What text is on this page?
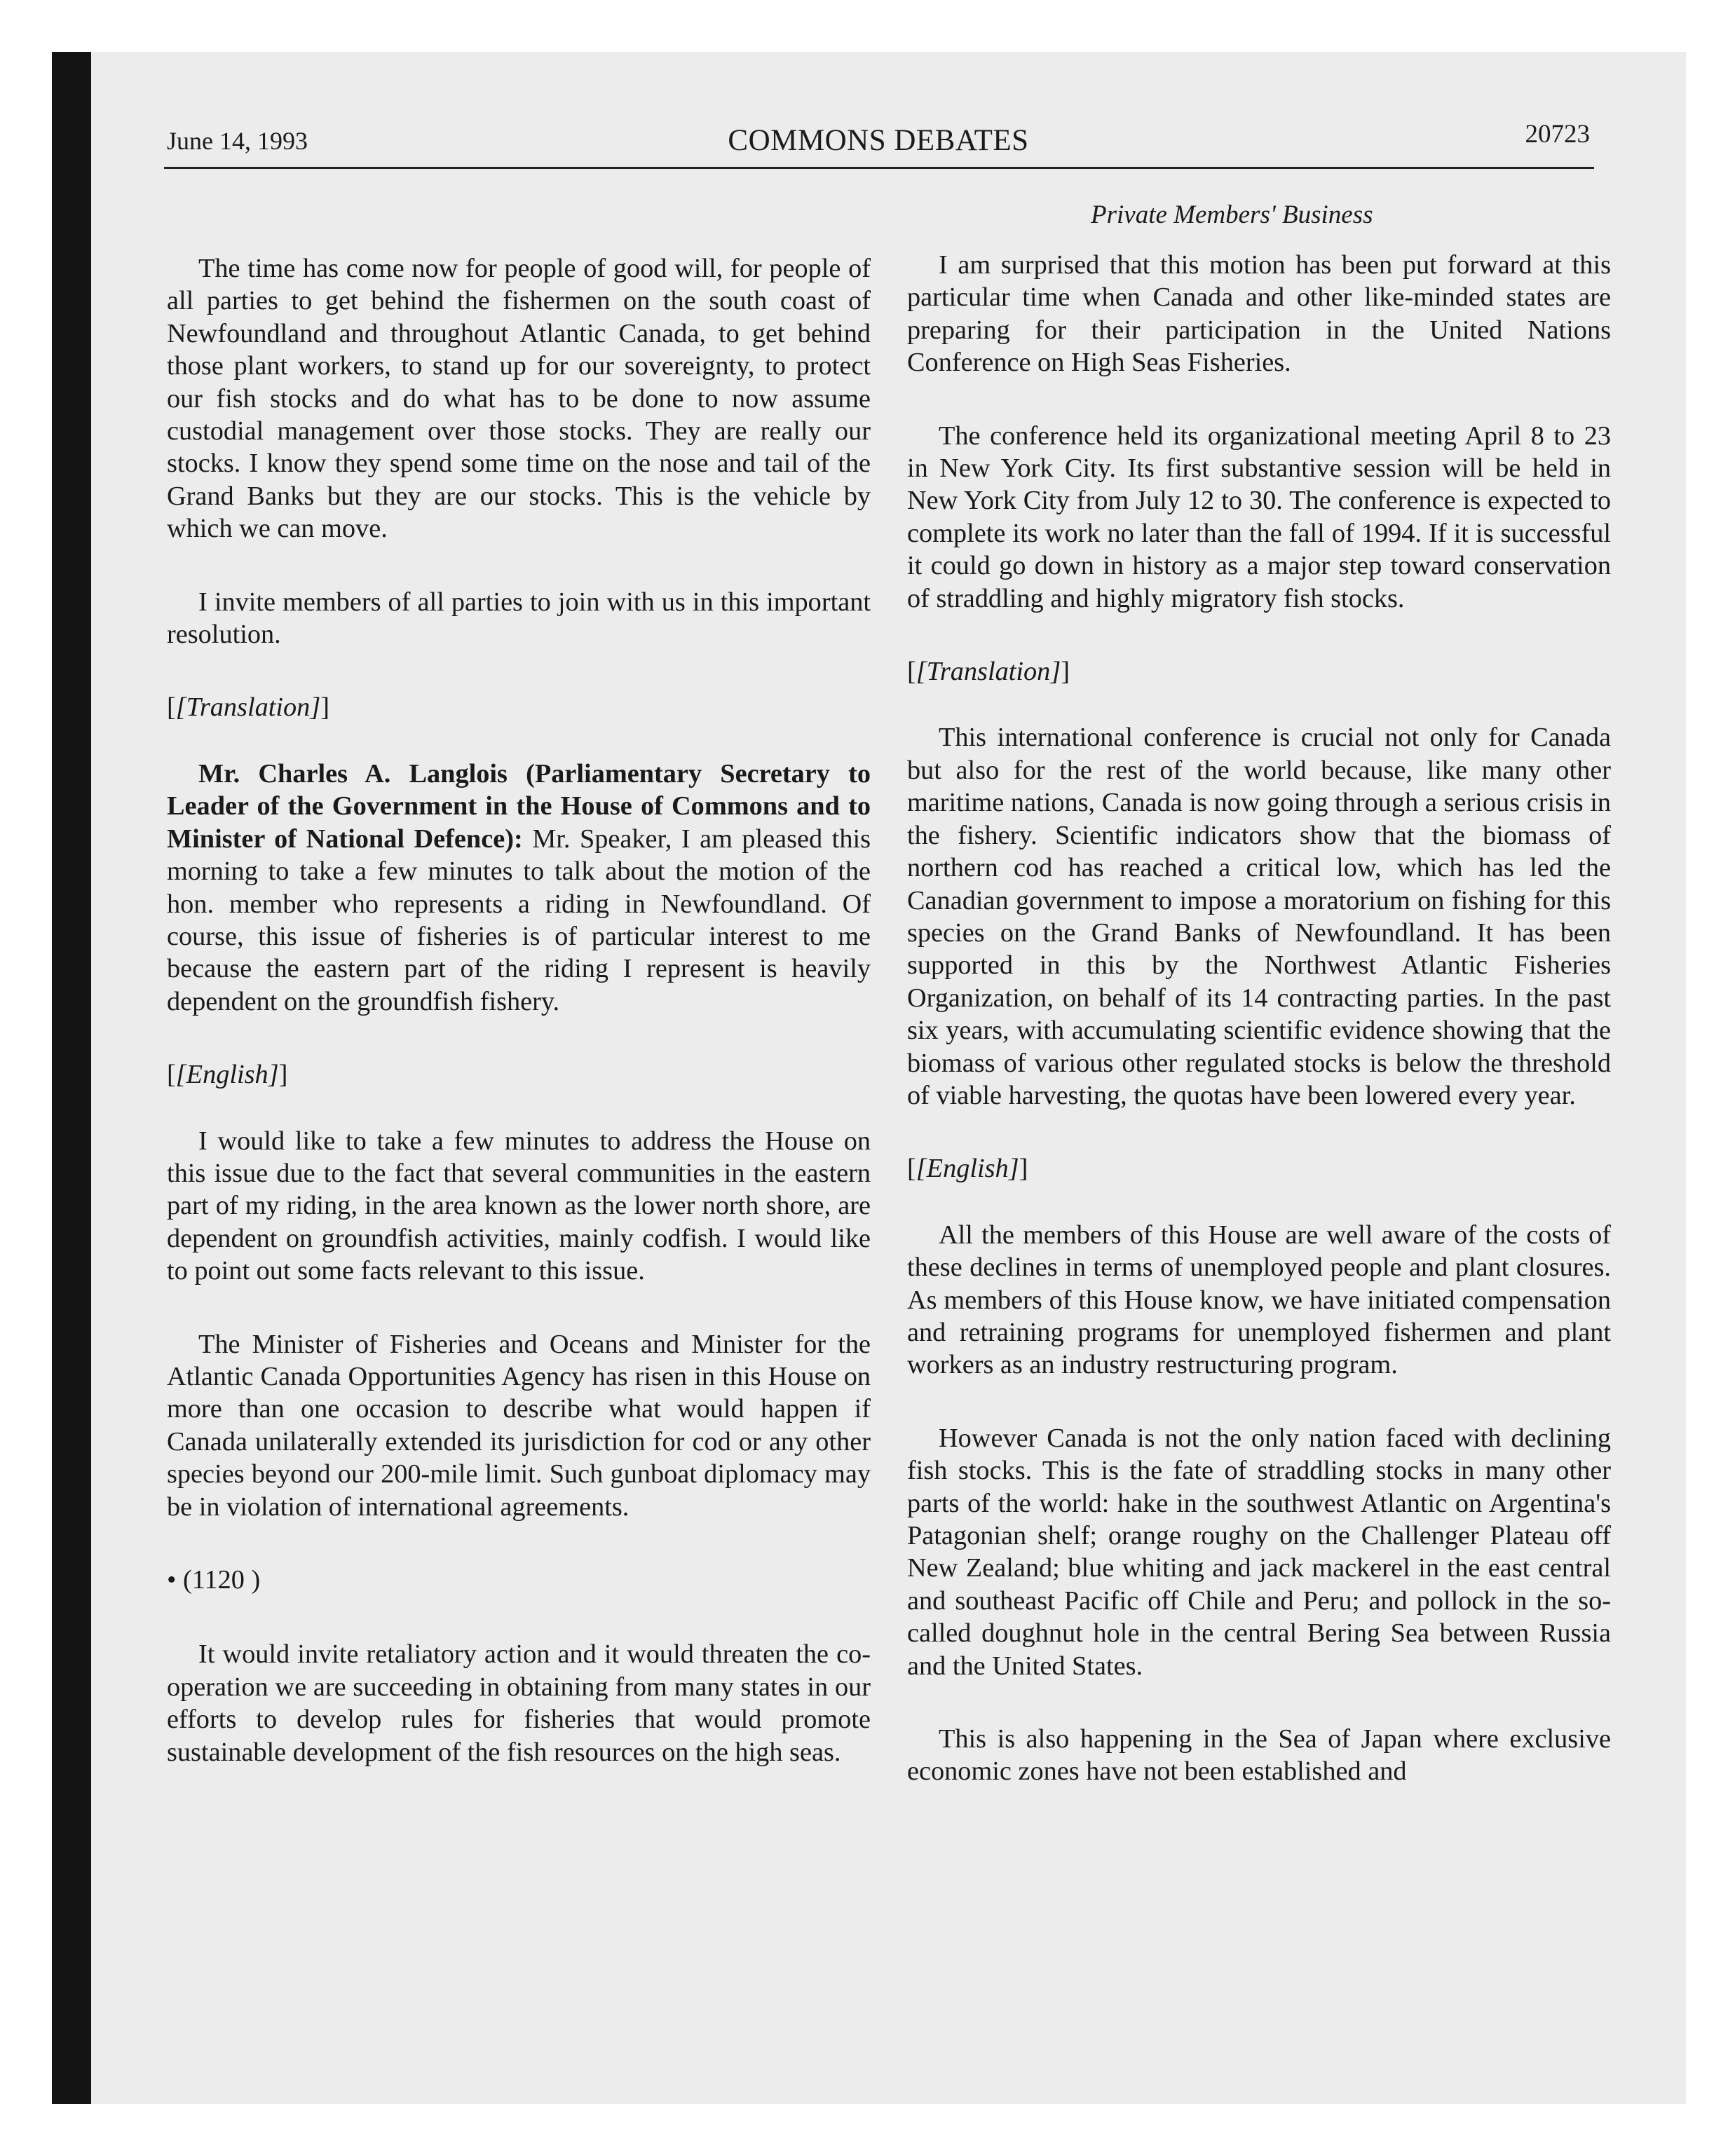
June 14, 1993	COMMONS DEBATES	20723
Private Members' Business

The time has come now for people of good will, for people of all parties to get behind the fishermen on the south coast of Newfoundland and throughout Atlantic Canada, to get behind those plant workers, to stand up for our sovereignty, to protect our fish stocks and do what has to be done to now assume custodial management over those stocks. They are really our stocks. I know they spend some time on the nose and tail of the Grand Banks but they are our stocks. This is the vehicle by which we can move.

I invite members of all parties to join with us in this important resolution.

[[Translation]]

Mr. Charles A. Langlois (Parliamentary Secretary to Leader of the Government in the House of Commons and to Minister of National Defence): Mr. Speaker, I am pleased this morning to take a few minutes to talk about the motion of the hon. member who represents a riding in Newfoundland. Of course, this issue of fisheries is of particular interest to me because the eastern part of the riding I represent is heavily dependent on the groundfish fishery.

[[English]]

I would like to take a few minutes to address the House on this issue due to the fact that several communities in the eastern part of my riding, in the area known as the lower north shore, are dependent on groundfish activities, mainly codfish. I would like to point out some facts relevant to this issue.

The Minister of Fisheries and Oceans and Minister for the Atlantic Canada Opportunities Agency has risen in this House on more than one occasion to describe what would happen if Canada unilaterally extended its jurisdiction for cod or any other species beyond our 200-mile limit. Such gunboat diplomacy may be in violation of international agreements.

• (1120 )

It would invite retaliatory action and it would threaten the co-operation we are succeeding in obtaining from many states in our efforts to develop rules for fisheries that would promote sustainable development of the fish resources on the high seas.

I am surprised that this motion has been put forward at this particular time when Canada and other like-minded states are preparing for their participation in the United Nations Conference on High Seas Fisheries.

The conference held its organizational meeting April 8 to 23 in New York City. Its first substantive session will be held in New York City from July 12 to 30. The conference is expected to complete its work no later than the fall of 1994. If it is successful it could go down in history as a major step toward conservation of straddling and highly migratory fish stocks.

[[Translation]]

This international conference is crucial not only for Canada but also for the rest of the world because, like many other maritime nations, Canada is now going through a serious crisis in the fishery. Scientific indicators show that the biomass of northern cod has reached a critical low, which has led the Canadian government to impose a moratorium on fishing for this species on the Grand Banks of Newfoundland. It has been supported in this by the Northwest Atlantic Fisheries Organization, on behalf of its 14 contracting parties. In the past six years, with accumulating scientific evidence showing that the biomass of various other regulated stocks is below the threshold of viable harvesting, the quotas have been lowered every year.

[[English]]

All the members of this House are well aware of the costs of these declines in terms of unemployed people and plant closures. As members of this House know, we have initiated compensation and retraining programs for unemployed fishermen and plant workers as an industry restructuring program.

However Canada is not the only nation faced with declining fish stocks. This is the fate of straddling stocks in many other parts of the world: hake in the southwest Atlantic on Argentina's Patagonian shelf; orange roughy on the Challenger Plateau off New Zealand; blue whiting and jack mackerel in the east central and southeast Pacific off Chile and Peru; and pollock in the so-called doughnut hole in the central Bering Sea between Russia and the United States.

This is also happening in the Sea of Japan where exclusive economic zones have not been established and
